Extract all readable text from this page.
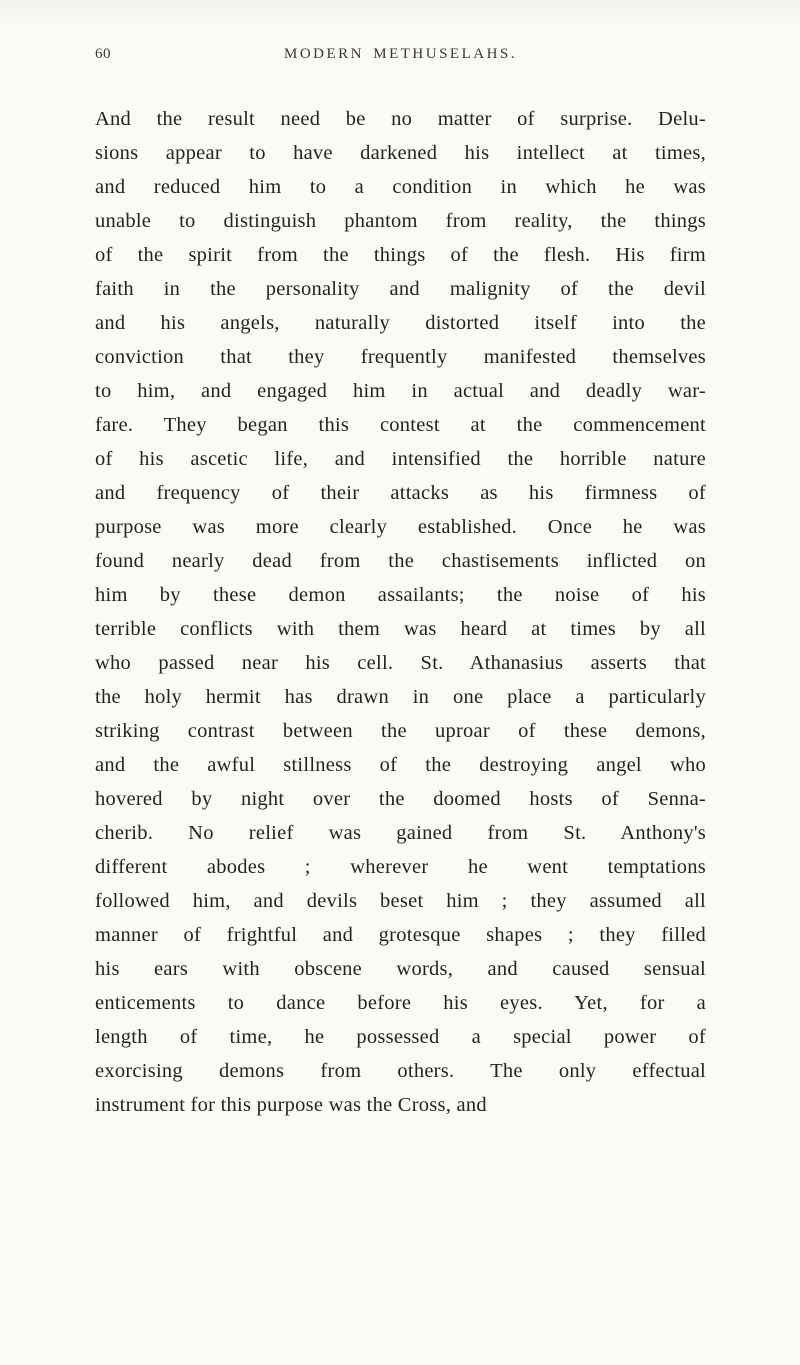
60	MODERN METHUSELAHS.
And the result need be no matter of surprise. Delu-
sions appear to have darkened his intellect at times,
and reduced him to a condition in which he was
unable to distinguish phantom from reality, the things
of the spirit from the things of the flesh. His firm
faith in the personality and malignity of the devil
and his angels, naturally distorted itself into the
conviction that they frequently manifested themselves
to him, and engaged him in actual and deadly war-
fare. They began this contest at the commencement
of his ascetic life, and intensified the horrible nature
and frequency of their attacks as his firmness of
purpose was more clearly established. Once he was
found nearly dead from the chastisements inflicted on
him by these demon assailants; the noise of his
terrible conflicts with them was heard at times by all
who passed near his cell. St. Athanasius asserts that
the holy hermit has drawn in one place a particularly
striking contrast between the uproar of these demons,
and the awful stillness of the destroying angel who
hovered by night over the doomed hosts of Senna-
cherib. No relief was gained from St. Anthony's
different abodes ; wherever he went temptations
followed him, and devils beset him ; they assumed all
manner of frightful and grotesque shapes ; they filled
his ears with obscene words, and caused sensual
enticements to dance before his eyes. Yet, for a
length of time, he possessed a special power of
exorcising demons from others. The only effectual
instrument for this purpose was the Cross, and
